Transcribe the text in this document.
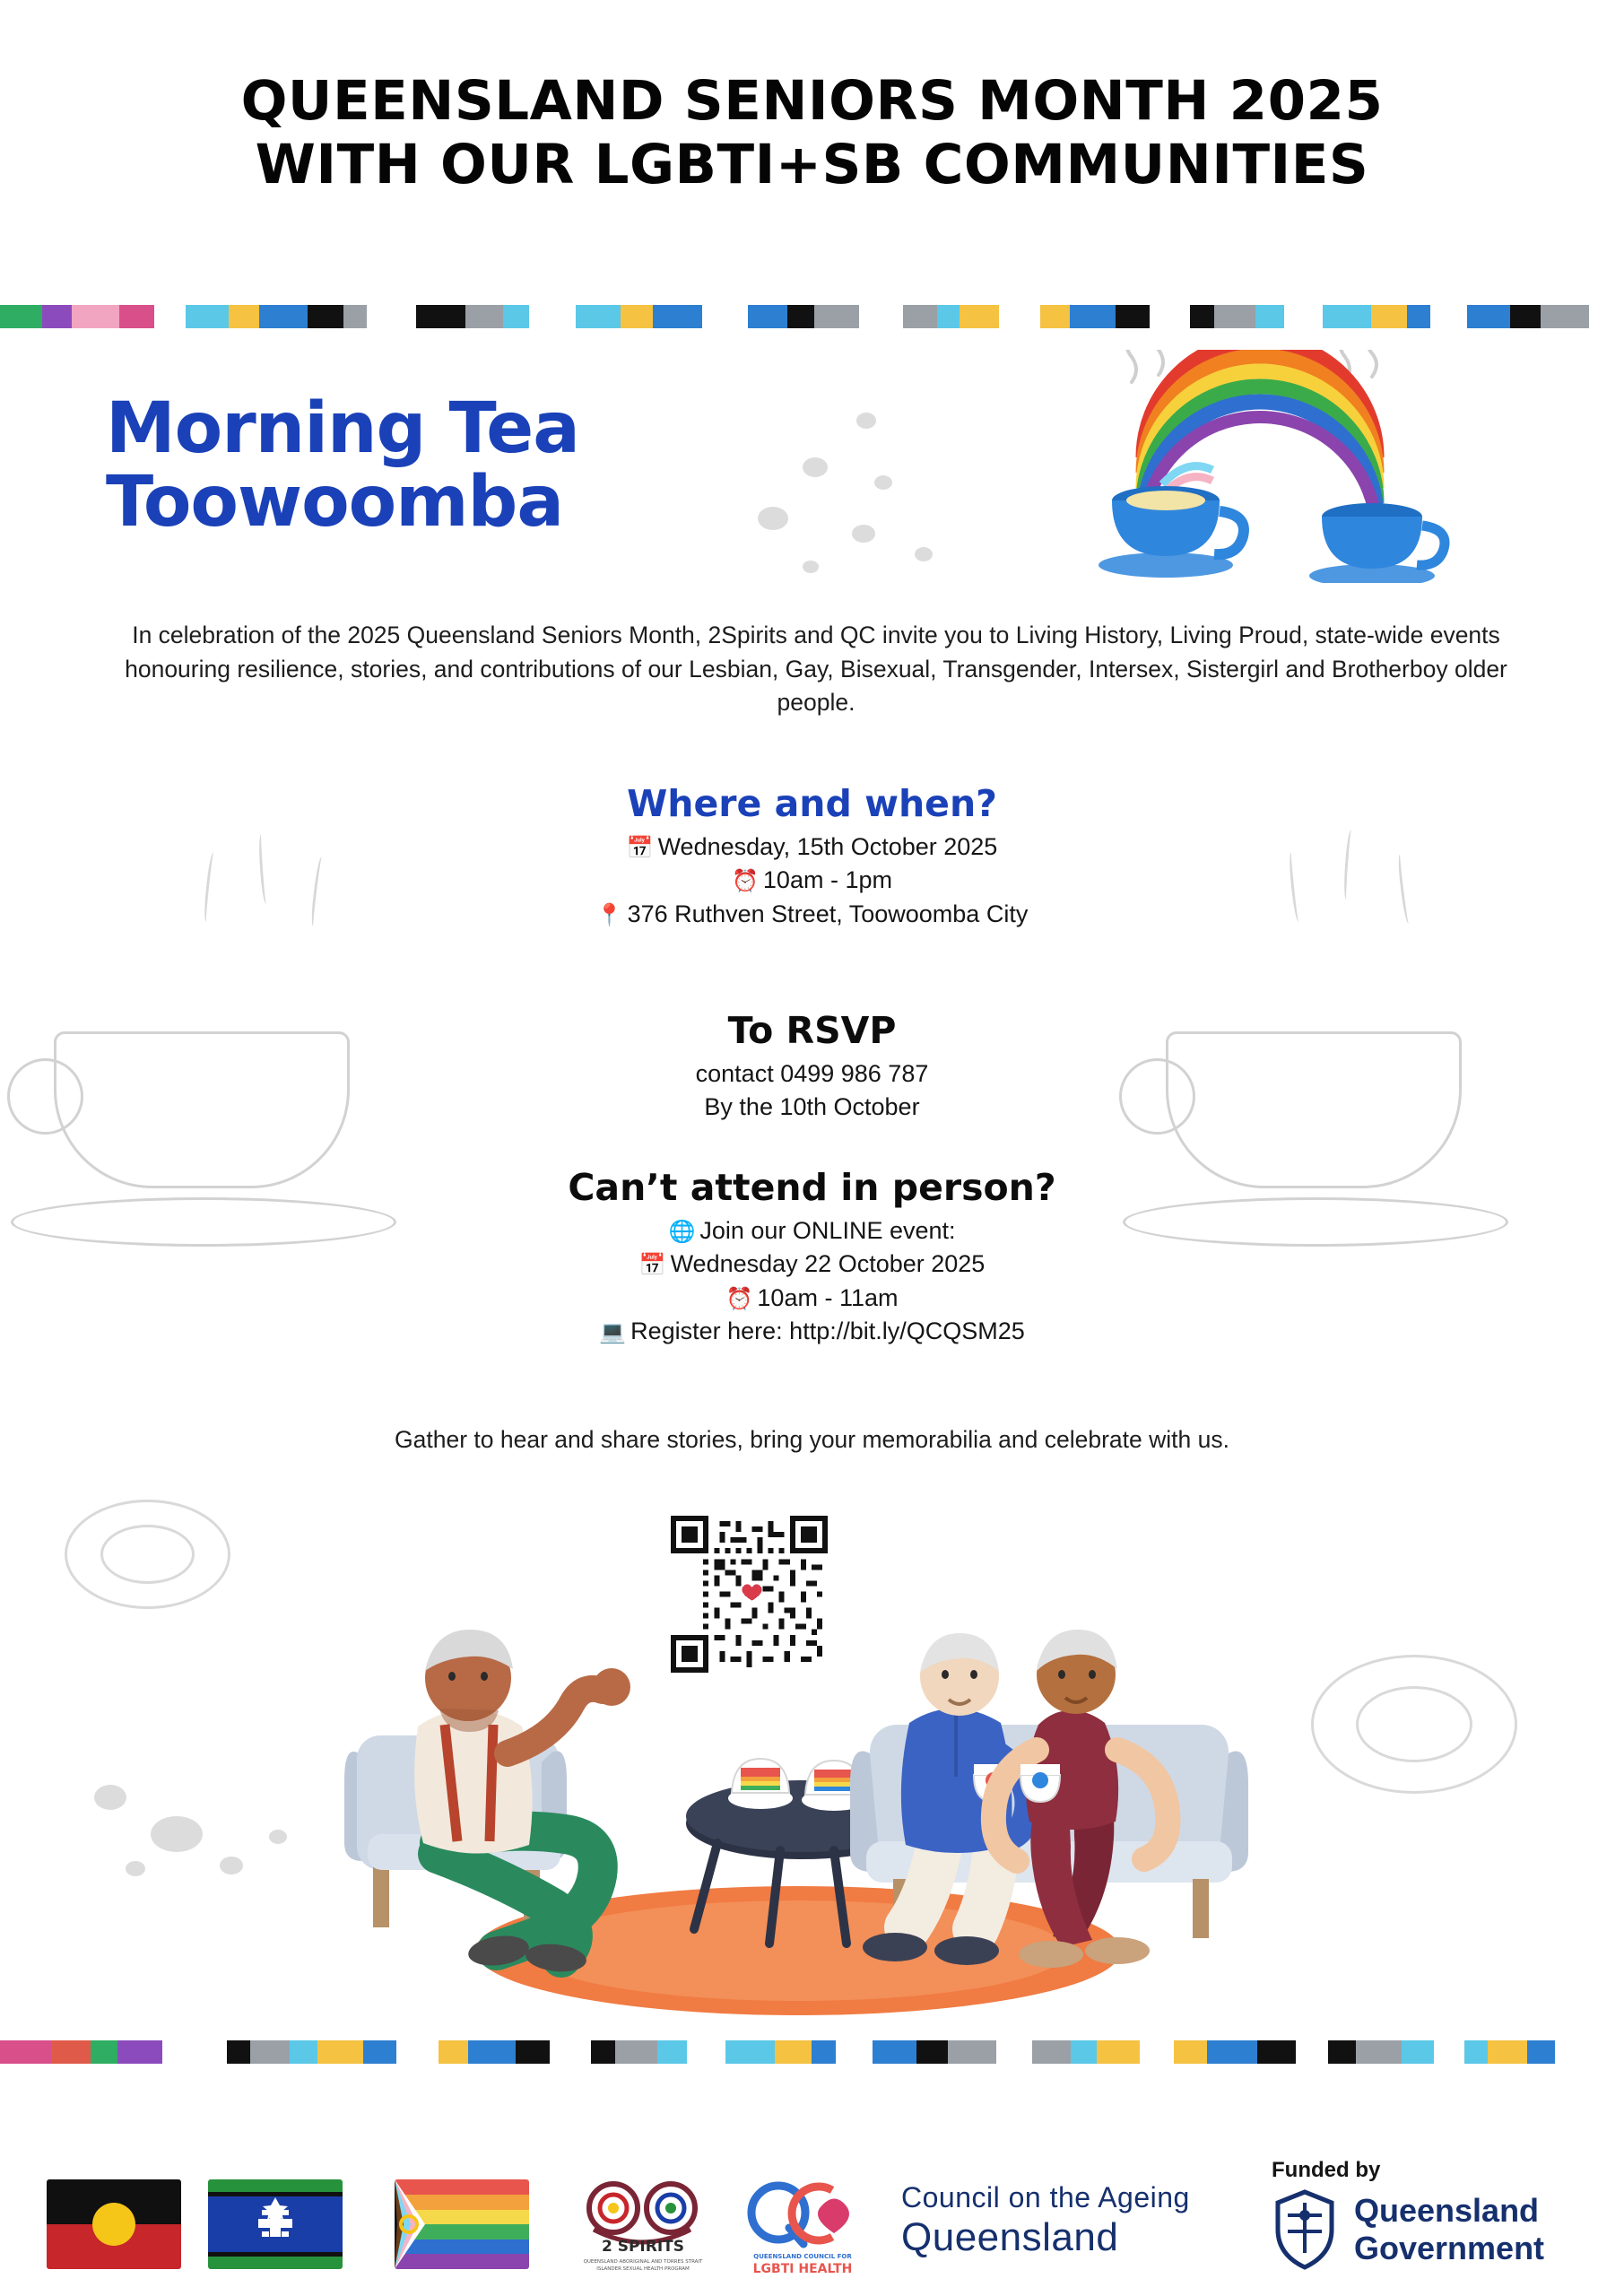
QUEENSLAND SENIORS MONTH 2025
WITH OUR LGBTI+SB COMMUNITIES
Morning Tea
Toowoomba
In celebration of the 2025 Queensland Seniors Month, 2Spirits and QC invite you to Living History, Living Proud, state-wide events honouring resilience, stories, and contributions of our Lesbian, Gay, Bisexual, Transgender, Intersex, Sistergirl and Brotherboy older people.
Where and when?
📅 Wednesday, 15th October 2025
⏰ 10am - 1pm
📍 376 Ruthven Street, Toowoomba City
To RSVP
contact 0499 986 787
By the 10th October
Can’t attend in person?
🌐 Join our ONLINE event:
📅 Wednesday 22 October 2025
⏰ 10am - 11am
💻 Register here: http://bit.ly/QCQSM25
Gather to hear and share stories, bring your memorabilia and celebrate with us.
2 SPIRITS
QUEENSLAND ABORIGINAL AND TORRES STRAIT
ISLANDER SEXUAL HEALTH PROGRAM
QUEENSLAND COUNCIL FOR
LGBTI HEALTH
Council on the Ageing
Queensland
Funded by
Queensland
Government
